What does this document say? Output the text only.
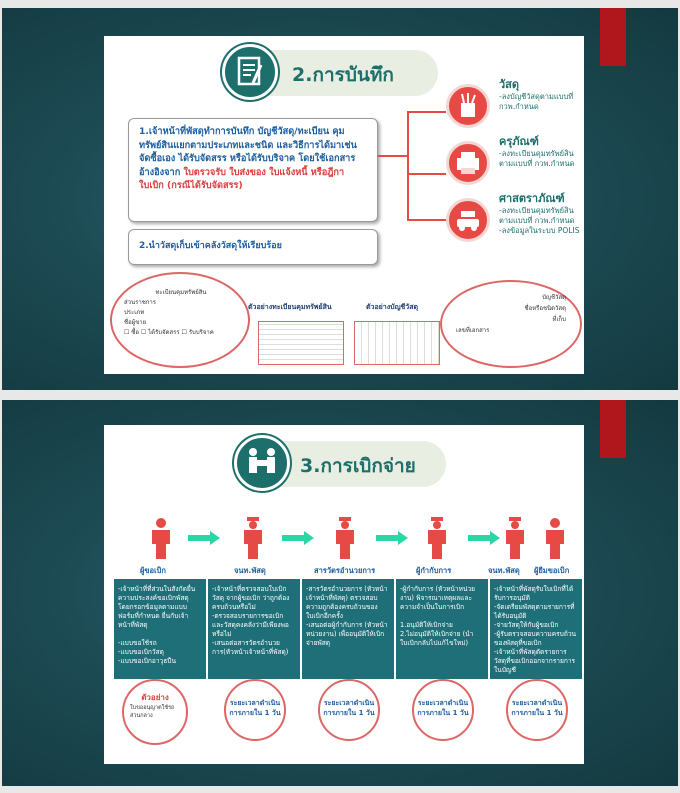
2.การบันทึก
1.เจ้าหน้าที่พัสดุทำการบันทึก บัญชีวัสดุ/ทะเบียน คุมทรัพย์สินแยกตามประเภทและชนิด และวิธีการได้มาเช่น จัดซื้อเอง ได้รับจัดสรร หรือได้รับบริจาค โดยใช้เอกสารอ้างอิงจาก ใบตรวจรับ ใบส่งของ ใบแจ้งหนี้ หรือฎีกาใบเบิก (กรณีได้รับจัดสรร)
2.นำวัสดุเก็บเข้าคลังวัสดุให้เรียบร้อย
วัสดุ
-ลงบัญชีวัสดุตามแบบที่ กวพ.กำหนด
ครุภัณฑ์
-ลงทะเบียนคุมทรัพย์สินตามแบบที่ กวพ.กำหนด
ศาสตราภัณฑ์
-ลงทะเบียนคุมทรัพย์สินตามแบบที่ กวพ.กำหนด -ลงข้อมูลในระบบ POLIS
ทะเบียนคุมทรัพย์สิน
ส่วนราชการ
ประเภท
ชื่อผู้ขาย
☐ ซื้อ ☐ ได้รับจัดสรร ☐ รับบริจาค
ตัวอย่างทะเบียนคุมทรัพย์สิน	ตัวอย่างบัญชีวัสดุ
บัญชีวัสดุ
ชื่อหรือชนิดวัสดุ
ที่เก็บ
เลขที่เอกสาร
3.การเบิกจ่าย
ผู้ขอเบิก	จนท.พัสดุ	สารวัตรอำนวยการ	ผู้กำกับการ	จนท.พัสดุ ผู้ยืมขอเบิก
-เจ้าหน้าที่ที่ส่วนในสังกัดยื่นความประสงค์ขอเบิกพัสดุ โดยกรอกข้อมูลตามแบบฟอร์มที่กำหนด ยื่นกับเจ้าหน้าที่พัสดุ

-แบบขอใช้รถ
-แบบขอเบิกวัสดุ
-แบบขอเบิกอาวุธปืน
-เจ้าหน้าที่ตรวจสอบใบเบิกวัสดุ จากผู้ขอเบิก ว่าถูกต้องครบถ้วนหรือไม่
-ตรวจสอบรายการขอเบิก และวัสดุคงคลังว่ามีเพียงพอหรือไม่
-เสนอต่อสารวัตรอำนวยการ(หัวหน้าเจ้าหน้าที่พัสดุ)
-สารวัตรอำนวยการ (หัวหน้าเจ้าหน้าที่พัสดุ) ตรวจสอบความถูกต้องครบถ้วนของใบเบิกอีกครั้ง
-เสนอต่อผู้กำกับการ (หัวหน้าหน่วยงาน) เพื่ออนุมัติให้เบิกจ่ายพัสดุ
-ผู้กำกับการ (หัวหน้าหน่วยงาน) พิจารณาเหตุผลและความจำเป็นในการเบิก

1.อนุมัติให้เบิกจ่าย
2.ไม่อนุมัติให้เบิกจ่าย (นำใบเบิกกลับไปแก้ไขใหม่)
-เจ้าหน้าที่พัสดุรับใบเบิกที่ได้รับการอนุมัติ
-จัดเตรียมพัสดุตามรายการที่ได้รับอนุมัติ
-จ่ายวัสดุให้กับผู้ขอเบิก
-ผู้รับตรวจสอบความครบถ้วนของพัสดุที่ขอเบิก
-เจ้าหน้าที่พัสดุตัดรายการวัสดุที่ขอเบิกออกจากรายการในบัญชี
ตัวอย่าง
ใบขออนุญาตใช้รถส่วนกลาง
ระยะเวลาดำเนินการภายใน 1 วัน
ระยะเวลาดำเนินการภายใน 1 วัน
ระยะเวลาดำเนินการภายใน 1 วัน
ระยะเวลาดำเนินการภายใน 1 วัน
